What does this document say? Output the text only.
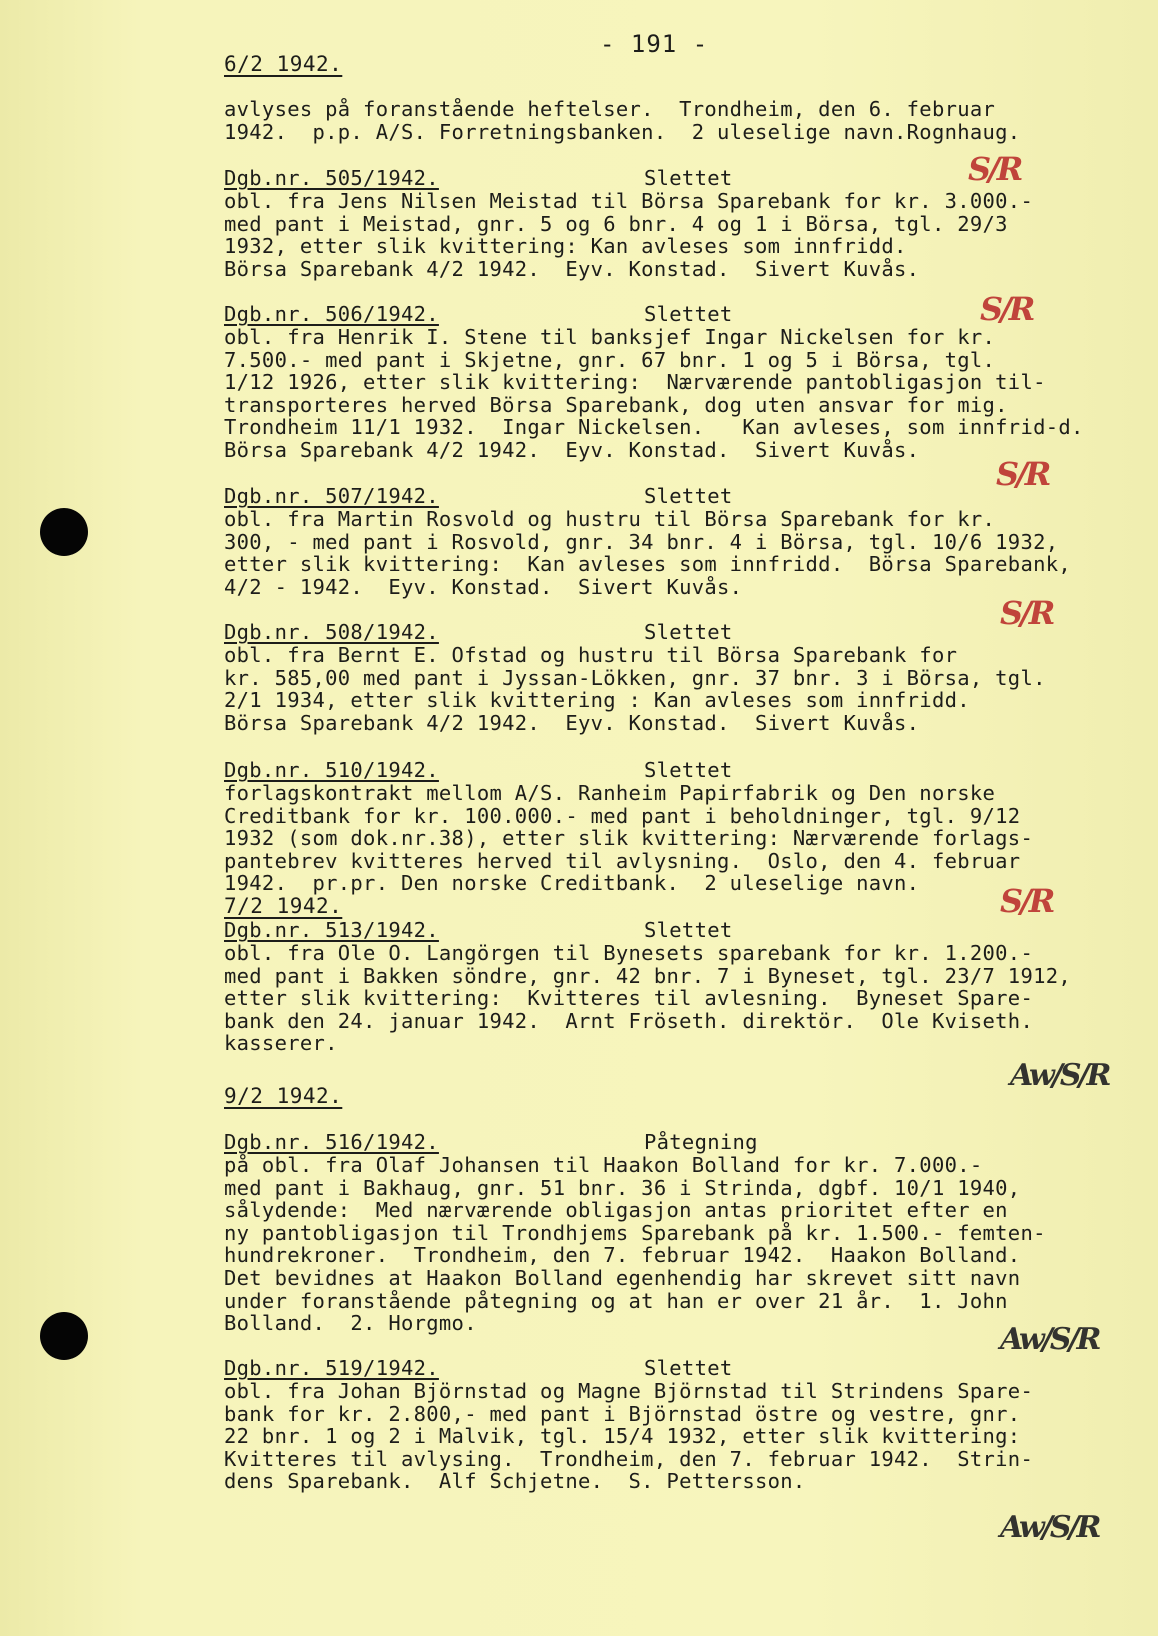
- 191 -
6/2 1942.
avlyses på foranstående heftelser.  Trondheim, den 6. februar
1942.  p.p. A/S. Forretningsbanken.  2 uleselige navn.Rognhaug.
Dgb.nr. 505/1942.	Slettet
obl. fra Jens Nilsen Meistad til Börsa Sparebank for kr. 3.000.-
med pant i Meistad, gnr. 5 og 6 bnr. 4 og 1 i Börsa, tgl. 29/3
1932, etter slik kvittering: Kan avleses som innfridd.
Börsa Sparebank 4/2 1942.  Eyv. Konstad.  Sivert Kuvås.
S/R
Dgb.nr. 506/1942.	Slettet
obl. fra Henrik I. Stene til banksjef Ingar Nickelsen for kr.
7.500.- med pant i Skjetne, gnr. 67 bnr. 1 og 5 i Börsa, tgl.
1/12 1926, etter slik kvittering:  Nærværende pantobligasjon til-
transporteres herved Börsa Sparebank, dog uten ansvar for mig.
Trondheim 11/1 1932.  Ingar Nickelsen.   Kan avleses, som innfrid-d.
Börsa Sparebank 4/2 1942.  Eyv. Konstad.  Sivert Kuvås.
S/R
Dgb.nr. 507/1942.	Slettet
obl. fra Martin Rosvold og hustru til Börsa Sparebank for kr.
300, - med pant i Rosvold, gnr. 34 bnr. 4 i Börsa, tgl. 10/6 1932,
etter slik kvittering:  Kan avleses som innfridd.  Börsa Sparebank,
4/2 - 1942.  Eyv. Konstad.  Sivert Kuvås.
S/R
Dgb.nr. 508/1942.	Slettet
obl. fra Bernt E. Ofstad og hustru til Börsa Sparebank for
kr. 585,00 med pant i Jyssan-Lökken, gnr. 37 bnr. 3 i Börsa, tgl.
2/1 1934, etter slik kvittering : Kan avleses som innfridd.
Börsa Sparebank 4/2 1942.  Eyv. Konstad.  Sivert Kuvås.
S/R
Dgb.nr. 510/1942.	Slettet
forlagskontrakt mellom A/S. Ranheim Papirfabrik og Den norske
Creditbank for kr. 100.000.- med pant i beholdninger, tgl. 9/12
1932 (som dok.nr.38), etter slik kvittering: Nærværende forlags-
pantebrev kvitteres herved til avlysning.  Oslo, den 4. februar
1942.  pr.pr. Den norske Creditbank.  2 uleselige navn.	S/R
7/2 1942.
Dgb.nr. 513/1942.	Slettet
obl. fra Ole O. Langörgen til Bynesets sparebank for kr. 1.200.-
med pant i Bakken söndre, gnr. 42 bnr. 7 i Byneset, tgl. 23/7 1912,
etter slik kvittering:  Kvitteres til avlesning.  Byneset Spare-
bank den 24. januar 1942.  Arnt Fröseth. direktör.  Ole Kviseth.
kasserer.
Aw/S/R
9/2 1942.
Dgb.nr. 516/1942.	Påtegning
på obl. fra Olaf Johansen til Haakon Bolland for kr. 7.000.-
med pant i Bakhaug, gnr. 51 bnr. 36 i Strinda, dgbf. 10/1 1940,
sålydende:  Med nærværende obligasjon antas prioritet efter en
ny pantobligasjon til Trondhjems Sparebank på kr. 1.500.- femten-
hundrekroner.  Trondheim, den 7. februar 1942.  Haakon Bolland.
Det bevidnes at Haakon Bolland egenhendig har skrevet sitt navn
under foranstående påtegning og at han er over 21 år.  1. John
Bolland.  2. Horgmo.	Aw/S/R
Dgb.nr. 519/1942.	Slettet
obl. fra Johan Björnstad og Magne Björnstad til Strindens Spare-
bank for kr. 2.800,- med pant i Björnstad östre og vestre, gnr.
22 bnr. 1 og 2 i Malvik, tgl. 15/4 1932, etter slik kvittering:
Kvitteres til avlysing.  Trondheim, den 7. februar 1942.  Strin-
dens Sparebank.  Alf Schjetne.  S. Pettersson.
Aw/S/R
